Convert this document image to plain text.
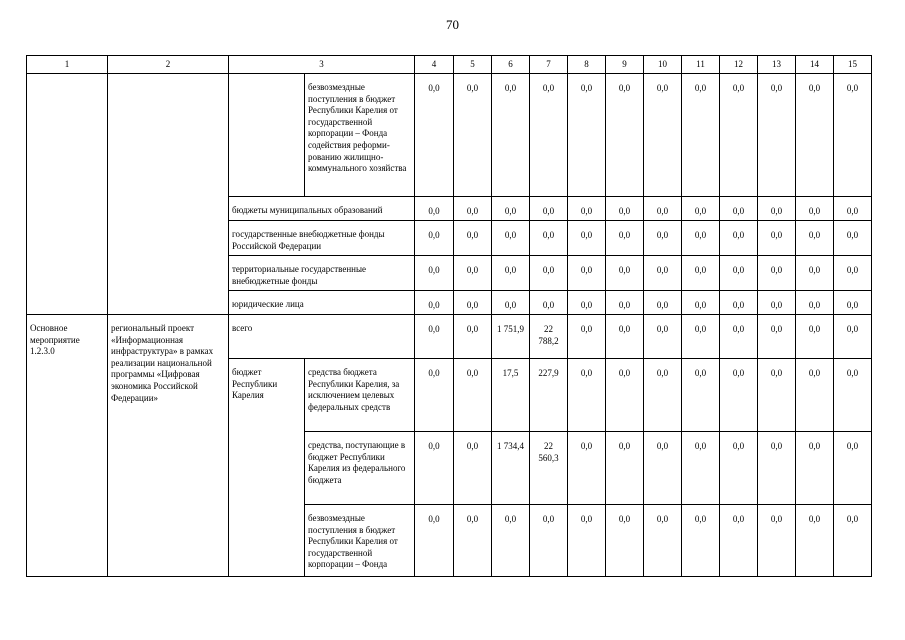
70
1	2	3		4	5	6	7	8	9	10	11	12	13	14	15
			безвозмездные поступления в бюджет Республики Карелия от государственной корпорации – Фонда содействия реформи-рованию жилищно-коммунального хозяйства	0,0	0,0	0,0	0,0	0,0	0,0	0,0	0,0	0,0	0,0	0,0	0,0
		бюджеты муниципальных образований		0,0	0,0	0,0	0,0	0,0	0,0	0,0	0,0	0,0	0,0	0,0	0,0
		государственные внебюджетные фонды Российской Федерации		0,0	0,0	0,0	0,0	0,0	0,0	0,0	0,0	0,0	0,0	0,0	0,0
		территориальные государственные внебюджетные фонды		0,0	0,0	0,0	0,0	0,0	0,0	0,0	0,0	0,0	0,0	0,0	0,0
		юридические лица		0,0	0,0	0,0	0,0	0,0	0,0	0,0	0,0	0,0	0,0	0,0	0,0
Основное мероприятие 1.2.3.0	региональный проект «Информационная инфраструктура» в рамках реализации национальной программы «Цифровая экономика Российской Федерации»	всего		0,0	0,0	1 751,9	22 788,2	0,0	0,0	0,0	0,0	0,0	0,0	0,0	0,0
		бюджет Республики Карелия	средства бюджета Республики Карелия, за исключением целевых федеральных средств	0,0	0,0	17,5	227,9	0,0	0,0	0,0	0,0	0,0	0,0	0,0	0,0
			средства, поступающие в бюджет Республики Карелия из федерального бюджета	0,0	0,0	1 734,4	22 560,3	0,0	0,0	0,0	0,0	0,0	0,0	0,0	0,0
			безвозмездные поступления в бюджет Республики Карелия от государственной корпорации – Фонда	0,0	0,0	0,0	0,0	0,0	0,0	0,0	0,0	0,0	0,0	0,0	0,0
